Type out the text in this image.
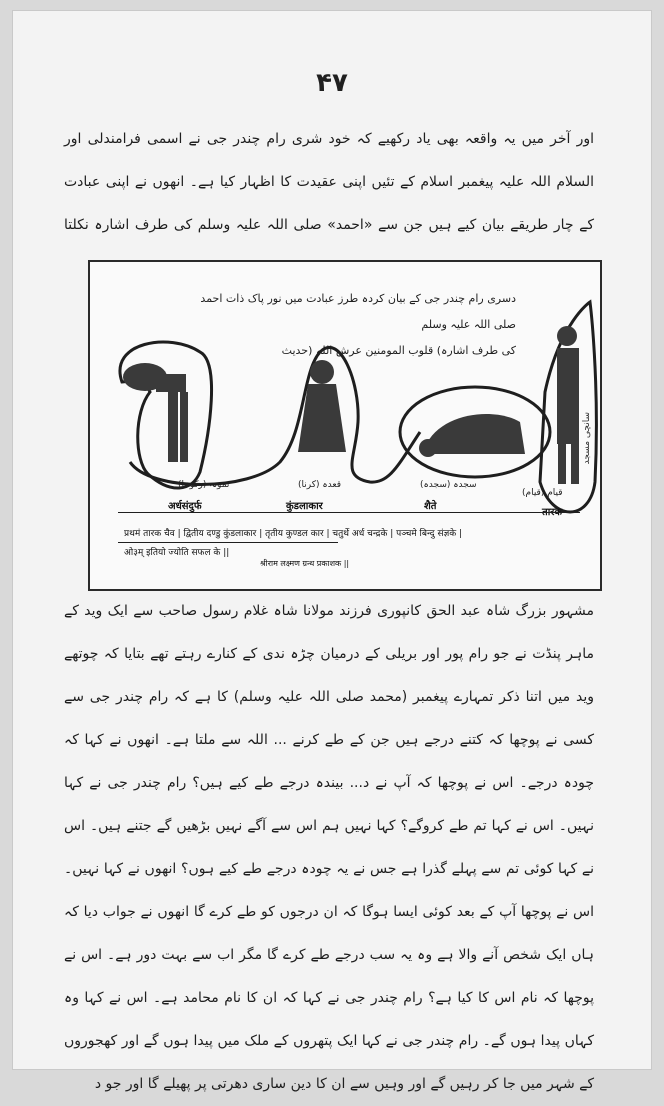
۴۷
اور آخر میں یہ واقعہ بھی یاد رکھیے کہ خود شری رام چندر جی نے اسمی فرامندلی اور السلام اللہ علیہ پیغمبر اسلام کے تئیں اپنی عقیدت کا اظہار کیا ہے۔ انھوں نے اپنی عبادت کے چار طریقے بیان کیے ہیں جن سے «احمد» صلی اللہ علیہ وسلم کی طرف اشارہ نکلتا
دسری رام چندر جی کے بیان کردہ طرز عبادت میں نور پاک ذات احمد صلی اللہ علیہ وسلم
کی طرف اشارہ) قلوب المومنین عرش اللہ (حدیث
نمونہ (رکوعا)
अर्धसंदुर्फ
قعدہ (کرنا)
कुंडलाकार
سجدہ (سجدہ)
शैते
قیام (قیام)
तारक
प्रथमं तारक चैव | द्वितीय दण्डु कुंडलाकार | तृतीय कुण्डल कार | चतुर्थे अर्ध चन्द्रके | पञ्चमे बिन्दु संज्ञके |
ओ३म् इतियो ज्योति सफल के ||
श्रीराम लक्ष्मण ग्रन्थ प्रकाशक ||
سانچی مسجد
مشہور بزرگ شاہ عبد الحق کانپوری فرزند مولانا شاہ غلام رسول صاحب سے ایک وید کے ماہر پنڈت نے جو رام پور اور بریلی کے درمیان چڑہ ندی کے کنارے رہتے تھے بتایا کہ چوتھے وید میں اتنا ذکر تمہارے پیغمبر (محمد صلی اللہ علیہ وسلم) کا ہے کہ رام چندر جی سے کسی نے پوچھا کہ کتنے درجے ہیں جن کے طے کرنے ... اللہ سے ملتا ہے۔ انھوں نے کہا کہ چودہ درجے۔ اس نے پوچھا کہ آپ نے د... بیندہ درجے طے کیے ہیں؟ رام چندر جی نے کہا نہیں۔ اس نے کہا تم طے کروگے؟ کہا نہیں ہم اس سے آگے نہیں بڑھیں گے جتنے ہیں۔ اس نے کہا کوئی تم سے پہلے گذرا ہے جس نے یہ چودہ درجے طے کیے ہوں؟ انھوں نے کہا نہیں۔ اس نے پوچھا آپ کے بعد کوئی ایسا ہوگا کہ ان درجوں کو طے کرے گا انھوں نے جواب دیا کہ ہاں ایک شخص آنے والا ہے وہ یہ سب درجے طے کرے گا مگر اب سے بہت دور ہے۔ اس نے پوچھا کہ نام اس کا کیا ہے؟ رام چندر جی نے کہا کہ ان کا نام محامد ہے۔ اس نے کہا وہ کہاں پیدا ہوں گے۔ رام چندر جی نے کہا ایک پتھروں کے ملک میں پیدا ہوں گے اور کھجوروں کے شہر میں جا کر رہیں گے اور وہیں سے ان کا دین ساری دھرتی پر پھیلے گا اور جو د
